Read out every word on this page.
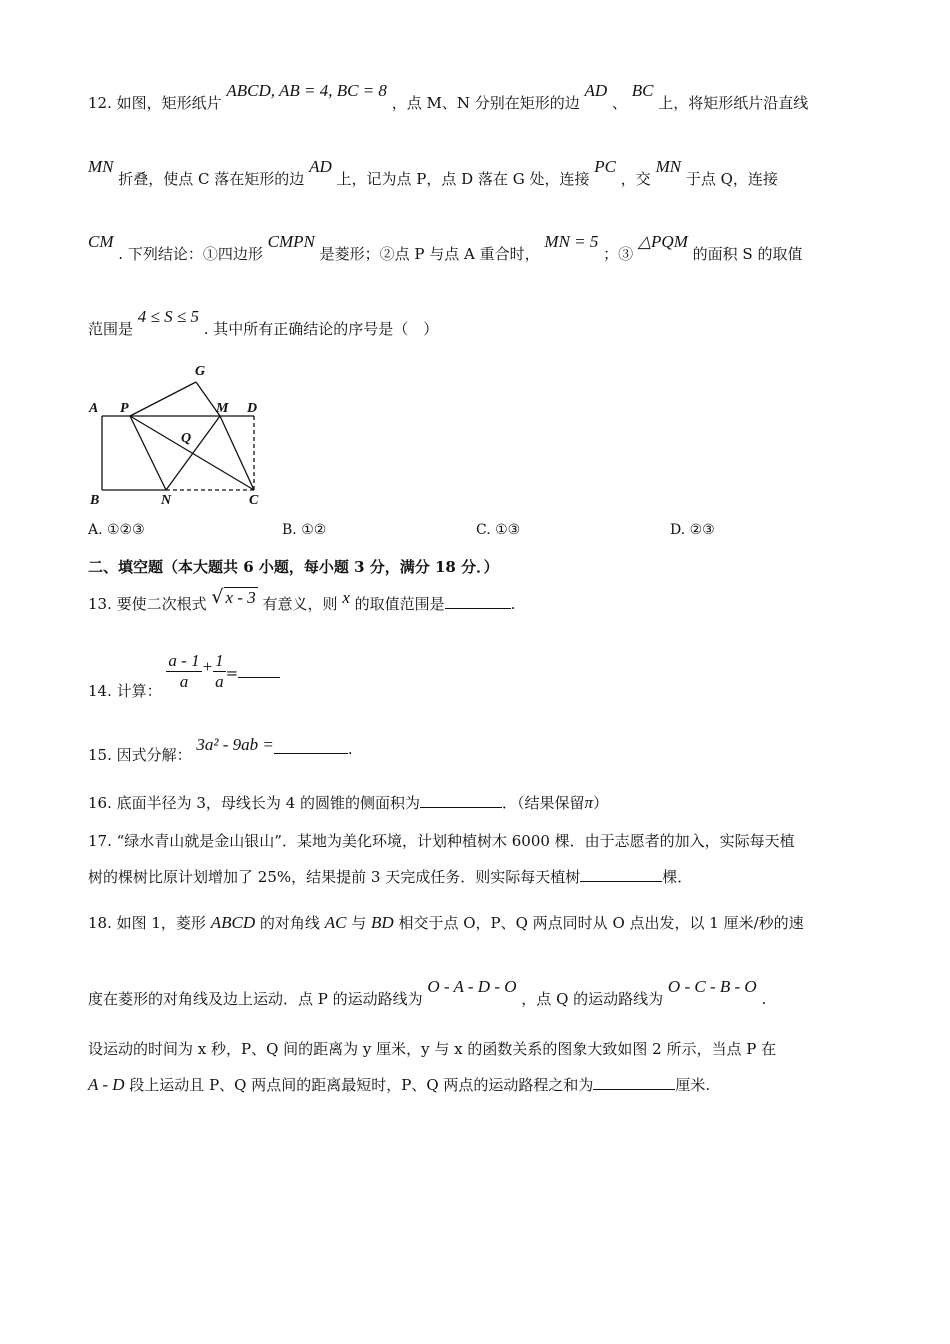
12. 如图，矩形纸片 ABCD, AB = 4, BC = 8 ，点 M、N 分别在矩形的边 AD 、 BC 上，将矩形纸片沿直线
MN 折叠，使点 C 落在矩形的边 AD 上，记为点 P，点 D 落在 G 处，连接 PC ，交 MN 于点 Q，连接
CM . 下列结论：①四边形 CMPN 是菱形；②点 P 与点 A 重合时， MN = 5 ；③ △PQM 的面积 S 的取值
范围是 4 ≤ S ≤ 5 . 其中所有正确结论的序号是（　）
A P
G
M D
Q
B	N	C
A. ①②③	B. ①②	C. ①③	D. ②③
二、填空题（本大题共 6 小题，每小题 3 分，满分 18 分．）
13. 要使二次根式 √ x - 3 有意义，则 x 的取值范围是	.
14. 计算： $\frac{a - 1}{a} + \frac{1}{a}$ =
15. 因式分解： 3a² - 9ab =	.
16. 底面半径为 3，母线长为 4 的圆锥的侧面积为	．（结果保留π）
17. “绿水青山就是金山银山”．某地为美化环境，计划种植树木 6000 棵．由于志愿者的加入，实际每天植
树的棵树比原计划增加了 25%，结果提前 3 天完成任务．则实际每天植树	棵．
18. 如图 1，菱形 ABCD 的对角线 AC 与 BD 相交于点 O，P、Q 两点同时从 O 点出发，以 1 厘米/秒的速
度在菱形的对角线及边上运动．点 P 的运动路线为 O - A - D - O ，点 Q 的运动路线为 O - C - B - O .
设运动的时间为 x 秒，P、Q 间的距离为 y 厘米，y 与 x 的函数关系的图象大致如图 2 所示，当点 P 在
A - D 段上运动且 P、Q 两点间的距离最短时，P、Q 两点的运动路程之和为	厘米.
